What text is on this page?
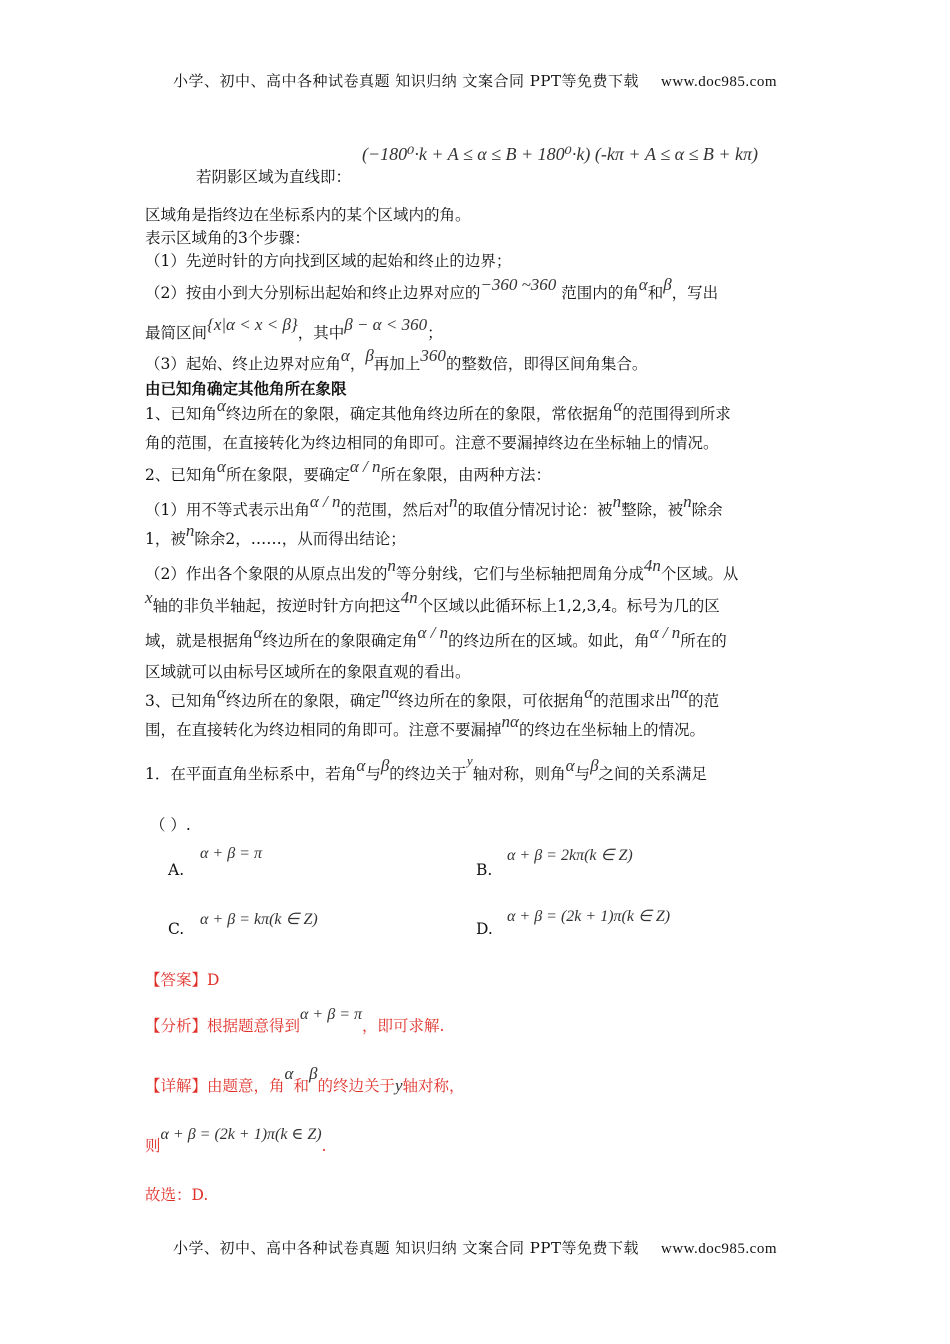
小学、初中、高中各种试卷真题 知识归纳 文案合同 PPT等免费下载 www.doc985.com
(−180⁰·k + A ≤ α ≤ B + 180⁰·k) (-kπ + A ≤ α ≤ B + kπ)
若阴影区域为直线即：
区域角是指终边在坐标系内的某个区域内的角。
表示区域角的3个步骤：
（1）先逆时针的方向找到区域的起始和终止的边界；
（2）按由小到大分别标出起始和终止边界对应的−360 ~360 范围内的角α和β，写出
最简区间{x|α < x < β}，其中β − α < 360；
（3）起始、终止边界对应角α，β再加上360的整数倍，即得区间角集合。
由已知角确定其他角所在象限
1、已知角α终边所在的象限，确定其他角终边所在的象限，常依据角α的范围得到所求
角的范围，在直接转化为终边相同的角即可。注意不要漏掉终边在坐标轴上的情况。
2、已知角α所在象限，要确定α / n所在象限，由两种方法：
（1）用不等式表示出角α / n的范围，然后对n的取值分情况讨论：被n整除，被n除余
1，被n除余2，……，从而得出结论；
（2）作出各个象限的从原点出发的n等分射线，它们与坐标轴把周角分成4n个区域。从
x轴的非负半轴起，按逆时针方向把这4n个区域以此循环标上1,2,3,4。标号为几的区
域，就是根据角α终边所在的象限确定角α / n的终边所在的区域。如此，角α / n所在的
区域就可以由标号区域所在的象限直观的看出。
3、已知角α终边所在的象限，确定nα终边所在的象限，可依据角α的范围求出nα的范
围，在直接转化为终边相同的角即可。注意不要漏掉nα的终边在坐标轴上的情况。
1．在平面直角坐标系中，若角α与β的终边关于$^y$轴对称，则角α与β之间的关系满足
（ ）.
A.
α + β = π
B.
α + β = 2kπ(k ∈ Z)
C.
α + β = kπ(k ∈ Z)
D.
α + β = (2k + 1)π(k ∈ Z)
【答案】D
【分析】根据题意得到α + β = π，即可求解.
【详解】由题意，角α和β的终边关于y轴对称，
则α + β = (2k + 1)π(k ∈ Z).
故选：D.
小学、初中、高中各种试卷真题 知识归纳 文案合同 PPT等免费下载 www.doc985.com
